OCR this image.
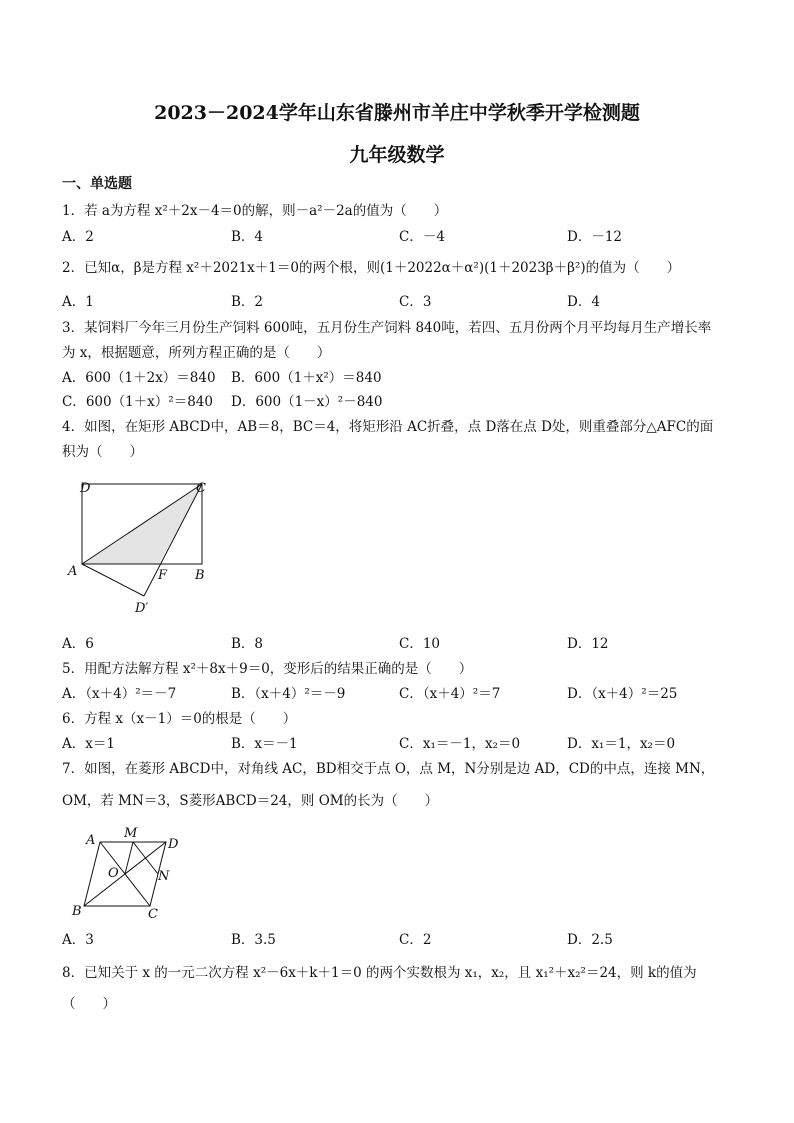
2023－2024学年山东省滕州市羊庄中学秋季开学检测题
九年级数学
一、单选题
1．若 a为方程 x²＋2x－4＝0的解，则－a²－2a的值为（　　）
A．2	B．4	C．－4	D．－12
2．已知α，β是方程 x²＋2021x＋1＝0的两个根，则(1＋2022α＋α²)(1＋2023β＋β²)的值为（　　）
A．1	B．2	C．3	D．4
3．某饲料厂今年三月份生产饲料 600吨，五月份生产饲料 840吨，若四、五月份两个月平均每月生产增长率
为 x，根据题意，所列方程正确的是（　　）
A．600（1＋2x）＝840 B．600（1＋x²）＝840
C．600（1＋x）²＝840 D．600（1－x）²－840
4．如图，在矩形 ABCD中，AB＝8，BC＝4，将矩形沿 AC折叠，点 D落在点 D处，则重叠部分△AFC的面
积为（　　）
D	C
A	F B
D′
A．6	B．8	C．10	D．12
5．用配方法解方程 x²＋8x＋9＝0，变形后的结果正确的是（　　）
A．（x＋4）²＝－7	B．（x＋4）²＝－9	C．（x＋4）²＝7	D．（x＋4）²＝25
6．方程 x（x－1）＝0的根是（　　）
A．x＝1	B．x＝－1	C．x₁＝－1，x₂＝0	D．x₁＝1，x₂＝0
7．如图，在菱形 ABCD中，对角线 AC，BD相交于点 O，点 M，N分别是边 AD，CD的中点，连接 MN，
OM，若 MN＝3，S菱形ABCD＝24，则 OM的长为（　　）
A M
D
O	N
B	C
A．3	B．3.5	C．2	D．2.5
8．已知关于 x 的一元二次方程 x²－6x＋k＋1＝0 的两个实数根为 x₁，x₂，且 x₁²＋x₂²＝24，则 k的值为
（　　）
